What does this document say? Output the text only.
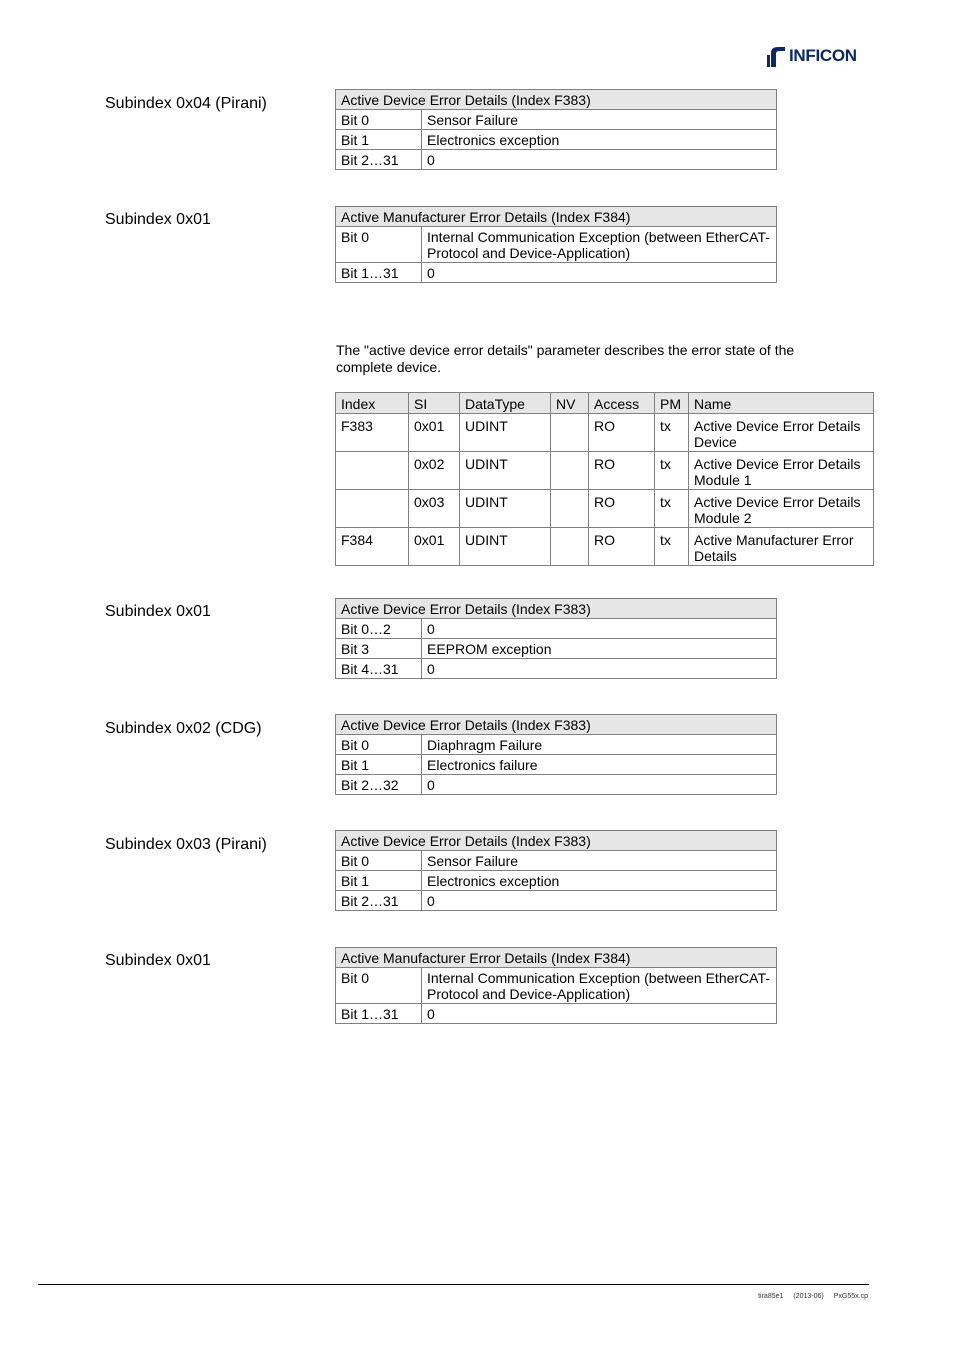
INFICON
Subindex 0x04 (Pirani)	Active Device Error Details (Index F383)	
Bit 0	Sensor Failure
Bit 1	Electronics exception
Bit 2…31	0
Subindex 0x01	Active Manufacturer Error Details (Index F384)	
Bit 0	Internal Communication Exception (between EtherCAT-Protocol and Device-Application)
Bit 1…31	0
The "active device error details" parameter describes the error state of the complete device.
Index	SI	DataType	NV	Access	PM	Name
F383	0x01	UDINT		RO	tx	Active Device Error Details Device
	0x02	UDINT		RO	tx	Active Device Error Details Module 1
	0x03	UDINT		RO	tx	Active Device Error Details Module 2
F384	0x01	UDINT		RO	tx	Active Manufacturer Error Details
Subindex 0x01	Active Device Error Details (Index F383)	
Bit 0…2	0
Bit 3	EEPROM exception
Bit 4…31	0
Subindex 0x02 (CDG)	Active Device Error Details (Index F383)	
Bit 0	Diaphragm Failure
Bit 1	Electronics failure
Bit 2…32	0
Subindex 0x03 (Pirani)	Active Device Error Details (Index F383)	
Bit 0	Sensor Failure
Bit 1	Electronics exception
Bit 2…31	0
Subindex 0x01	Active Manufacturer Error Details (Index F384)	
Bit 0	Internal Communication Exception (between EtherCAT-Protocol and Device-Application)
Bit 1…31	0
tira85e1 (2013-06) PxG55x.cp
